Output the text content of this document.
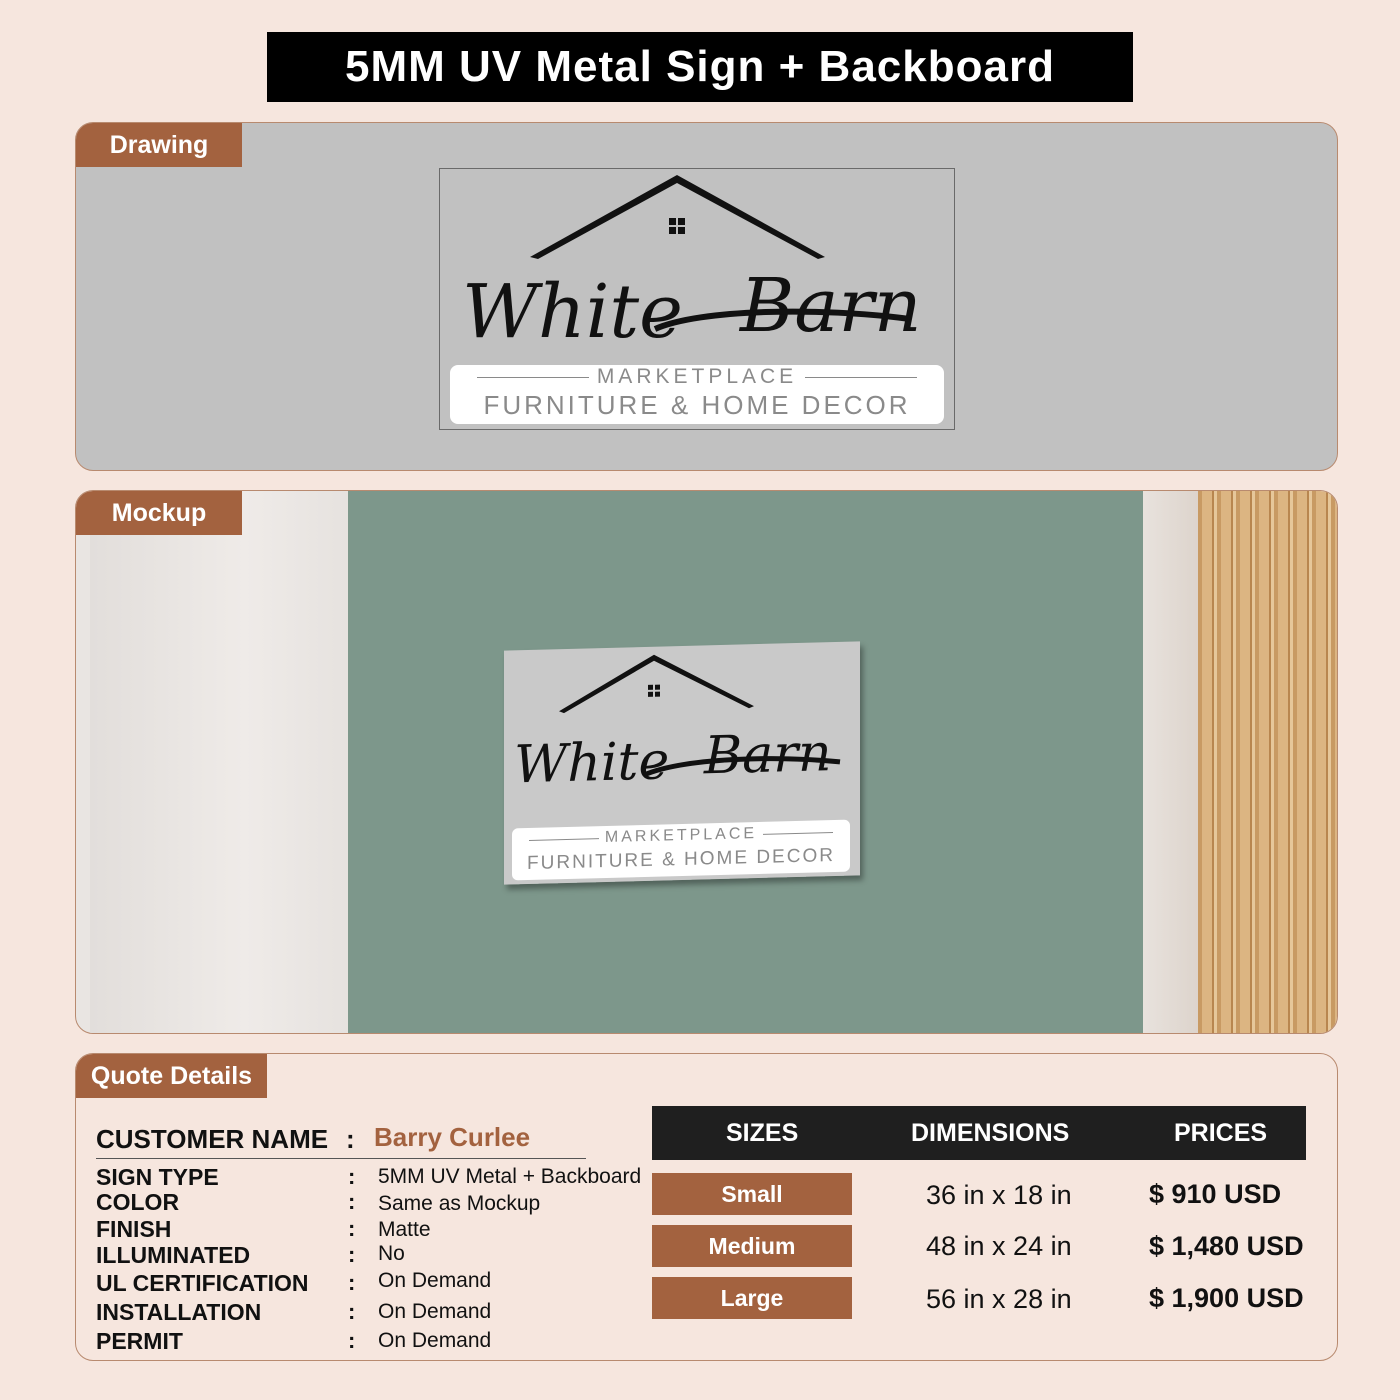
5MM UV Metal Sign + Backboard
Drawing
White Barn
MARKETPLACE
FURNITURE & HOME DECOR
Mockup
White Barn
MARKETPLACE
FURNITURE & HOME DECOR
Quote Details
CUSTOMER NAME : Barry Curlee
SIGN TYPE	: 5MM UV Metal + Backboard
COLOR	: Same as Mockup
FINISH	: Matte
ILLUMINATED	: No
UL CERTIFICATION : On Demand
INSTALLATION	: On Demand
PERMIT	: On Demand
SIZES	DIMENSIONS	PRICES
Small	36 in x 18 in	$ 910 USD
Medium	48 in x 24 in	$ 1,480 USD
Large	56 in x 28 in	$ 1,900 USD
